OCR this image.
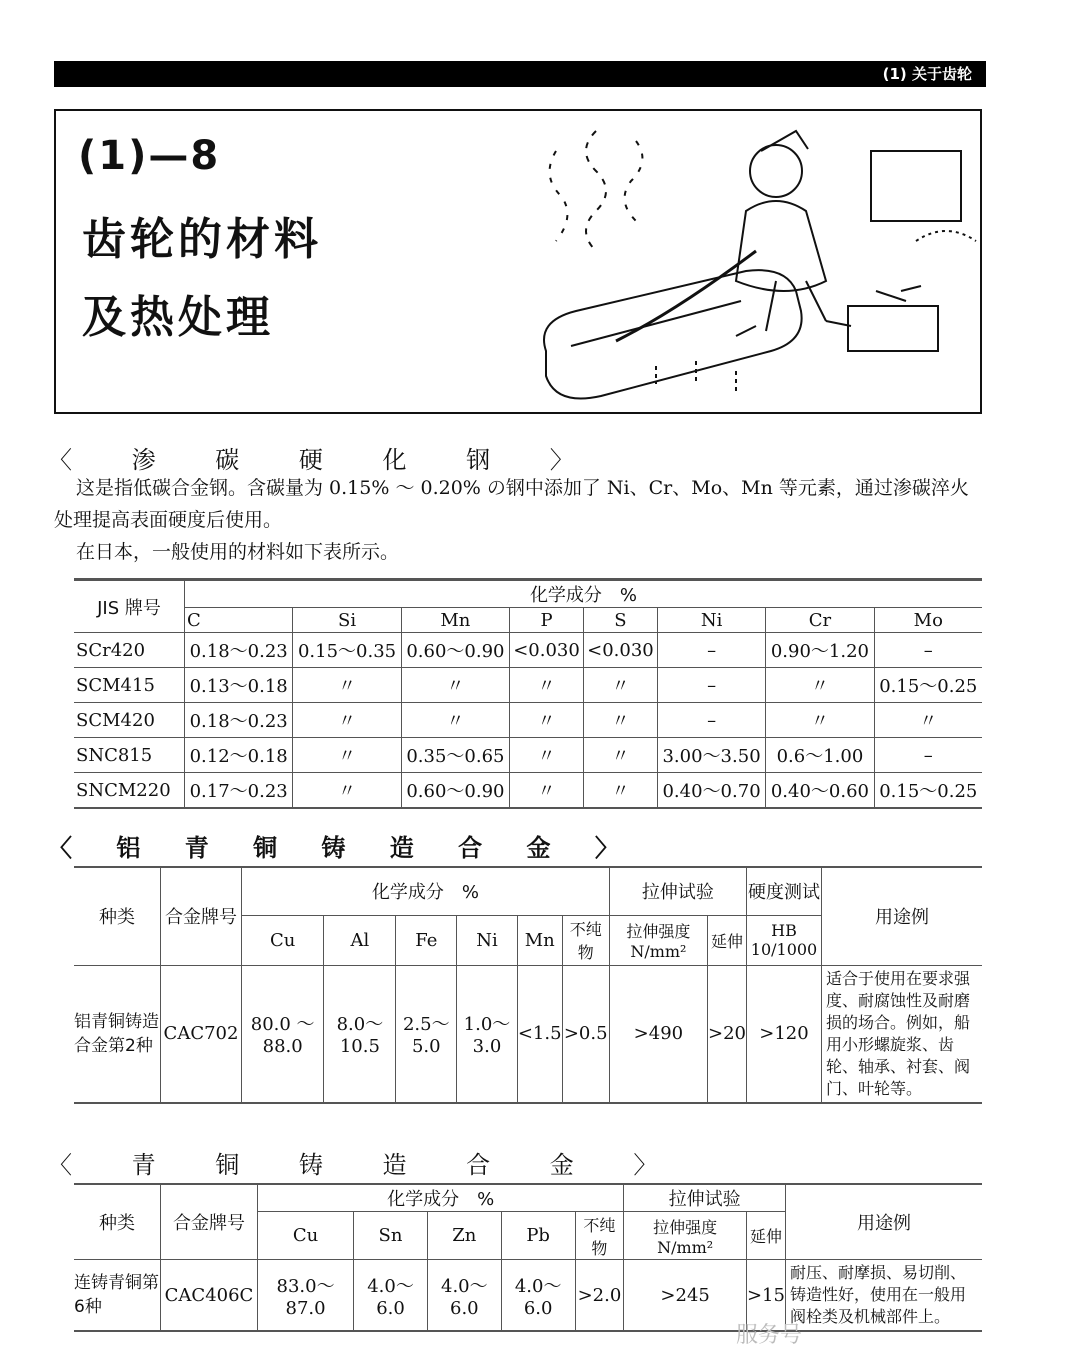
(1) 关于齿轮
(1)—8
齿轮的材料
及热处理
〈 渗 碳 硬 化 钢 〉
这是指低碳合金钢。含碳量为 0.15% ～ 0.20% の钢中添加了 Ni、Cr、Mo、Mn 等元素，通过渗碳淬火处理提高表面硬度后使用。
在日本，一般使用的材料如下表所示。
JIS 牌号	化学成分　%							
	C	Si	Mn	P	S	Ni	Cr	Mo
SCr420	0.18～0.23	0.15～0.35	0.60～0.90	<0.030	<0.030	–	0.90～1.20	–
SCM415	0.13～0.18	〃	〃	〃	〃	–	〃	0.15～0.25
SCM420	0.18～0.23	〃	〃	〃	〃	–	〃	〃
SNC815	0.12～0.18	〃	0.35～0.65	〃	〃	3.00～3.50	0.6～1.00	–
SNCM220	0.17～0.23	〃	0.60～0.90	〃	〃	0.40～0.70	0.40～0.60	0.15～0.25
〈 铝 青 铜 铸 造 合 金 〉
种类	合金牌号	化学成分　%						拉伸试验		硬度测试	用途例
		Cu	Al	Fe	Ni	Mn	不纯物	拉伸强度 N/mm²	延伸	HB 10/1000	
铝青铜铸造合金第2种	CAC702	80.0 ～ 88.0	8.0～ 10.5	2.5～ 5.0	1.0～ 3.0	<1.5	>0.5	>490	>20	>120	适合于使用在要求强度、耐腐蚀性及耐磨损的场合。例如，船用小形螺旋浆、齿轮、轴承、衬套、阀门、叶轮等。
〈 青 铜 铸 造 合 金 〉
种类	合金牌号	化学成分　%					拉伸试验		用途例
		Cu	Sn	Zn	Pb	不纯物	拉伸强度 N/mm²	延伸	
连铸青铜第6种	CAC406C	83.0～87.0	4.0～6.0	4.0～6.0	4.0～6.0	>2.0	>245	>15	耐压、耐摩损、易切削、铸造性好，使用在一般用阀栓类及机械部件上。
服务号
